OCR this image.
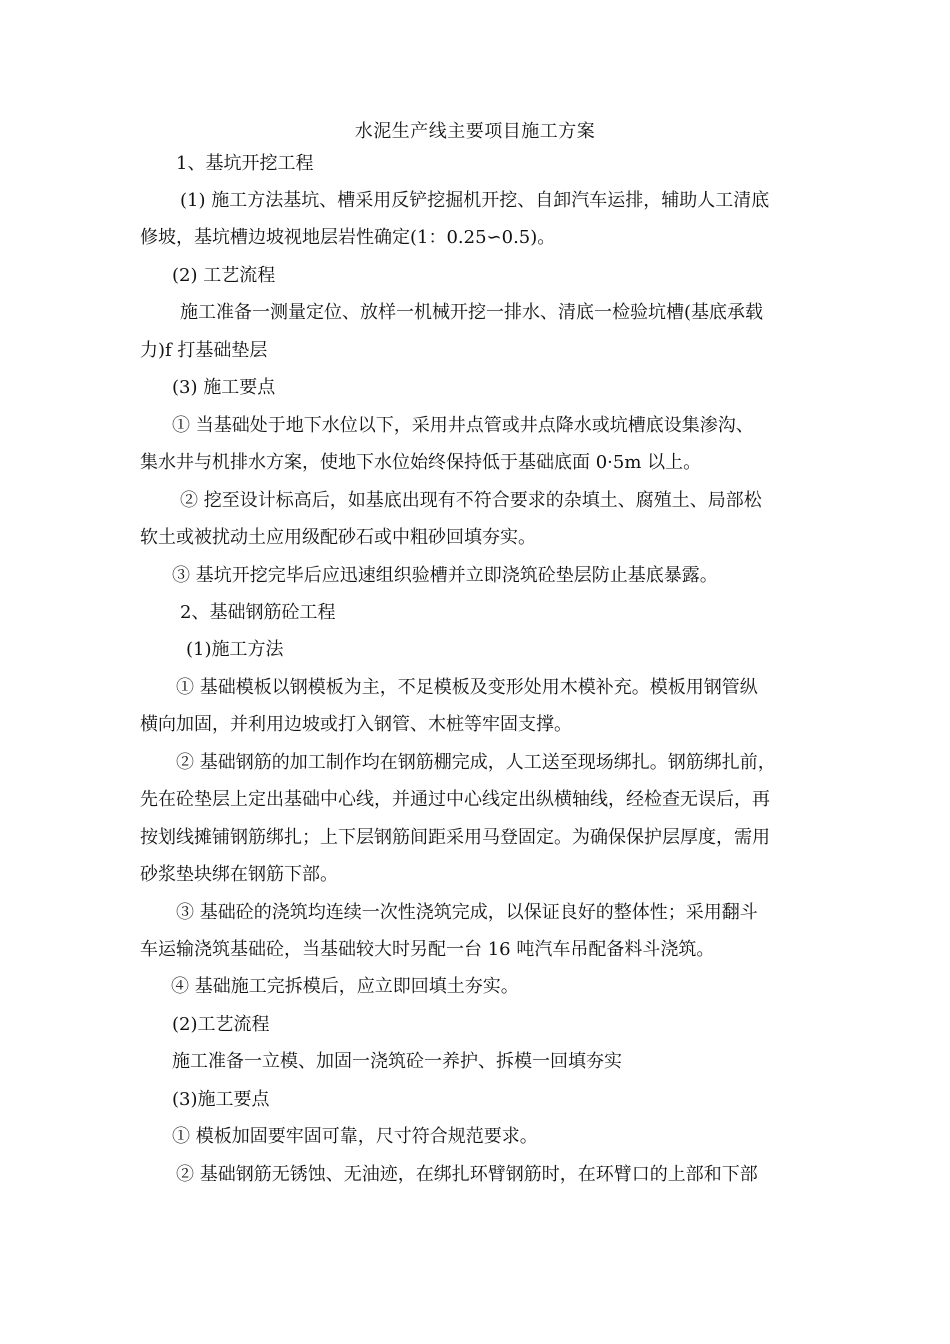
水泥生产线主要项目施工方案
1、基坑开挖工程
(1) 施工方法基坑、槽采用反铲挖掘机开挖、自卸汽车运排，辅助人工清底
修坡，基坑槽边坡视地层岩性确定(1：0.25∽0.5)。
(2) 工艺流程
施工准备一测量定位、放样一机械开挖一排水、清底一检验坑槽(基底承载
力)f 打基础垫层
(3) 施工要点
① 当基础处于地下水位以下，采用井点管或井点降水或坑槽底设集渗沟、
集水井与机排水方案，使地下水位始终保持低于基础底面 0·5m 以上。
② 挖至设计标高后，如基底出现有不符合要求的杂填土、腐殖土、局部松
软土或被扰动土应用级配砂石或中粗砂回填夯实。
③ 基坑开挖完毕后应迅速组织验槽并立即浇筑砼垫层防止基底暴露。
2、基础钢筋砼工程
(1)施工方法
① 基础模板以钢模板为主，不足模板及变形处用木模补充。模板用钢管纵
横向加固，并利用边坡或打入钢管、木桩等牢固支撑。
② 基础钢筋的加工制作均在钢筋棚完成，人工送至现场绑扎。钢筋绑扎前，
先在砼垫层上定出基础中心线，并通过中心线定出纵横轴线，经检查无误后，再
按划线摊铺钢筋绑扎；上下层钢筋间距采用马登固定。为确保保护层厚度，需用
砂浆垫块绑在钢筋下部。
③ 基础砼的浇筑均连续一次性浇筑完成，以保证良好的整体性；采用翻斗
车运输浇筑基础砼，当基础较大时另配一台 16 吨汽车吊配备料斗浇筑。
④ 基础施工完拆模后，应立即回填土夯实。
(2)工艺流程
施工准备一立模、加固一浇筑砼一养护、拆模一回填夯实
(3)施工要点
① 模板加固要牢固可靠，尺寸符合规范要求。
② 基础钢筋无锈蚀、无油迹，在绑扎环臂钢筋时，在环臂口的上部和下部
